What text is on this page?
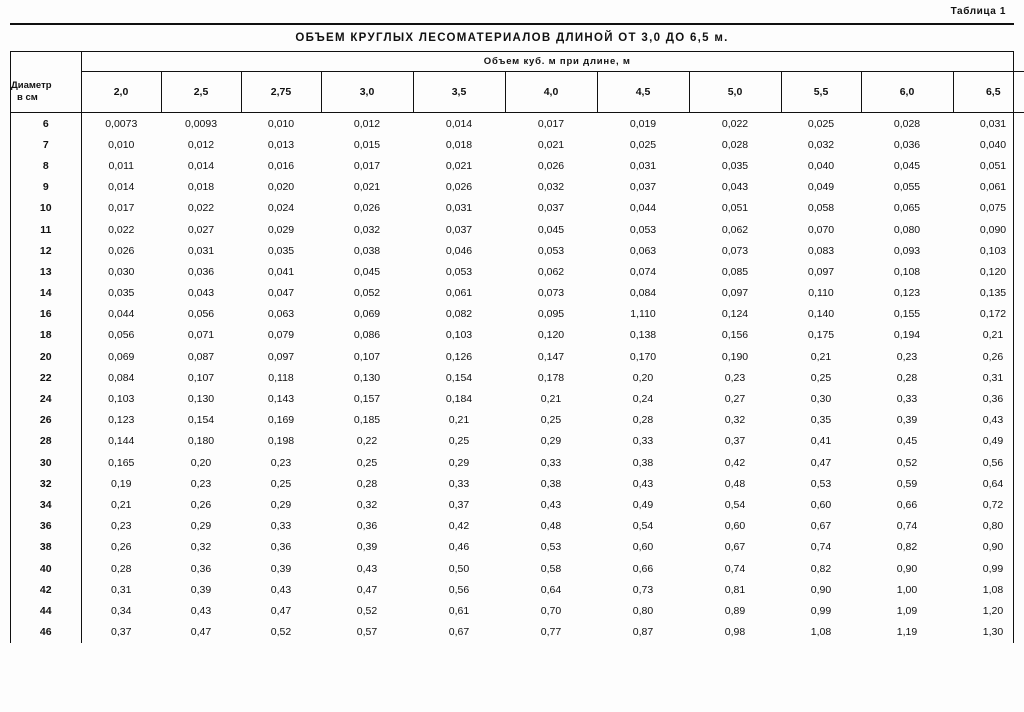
Таблица 1
ОБЪЕМ КРУГЛЫХ ЛЕСОМАТЕРИАЛОВ ДЛИНОЙ ОТ 3,0 ДО 6,5 м.
	Объем куб. м при длине, м										

Диаметр
в см	2,0	2,5	2,75	3,0	3,5	4,0	4,5	5,0	5,5	6,0	6,5
6	0,0073	0,0093	0,010	0,012	0,014	0,017	0,019	0,022	0,025	0,028	0,031
7	0,010	0,012	0,013	0,015	0,018	0,021	0,025	0,028	0,032	0,036	0,040
8	0,011	0,014	0,016	0,017	0,021	0,026	0,031	0,035	0,040	0,045	0,051
9	0,014	0,018	0,020	0,021	0,026	0,032	0,037	0,043	0,049	0,055	0,061
10	0,017	0,022	0,024	0,026	0,031	0,037	0,044	0,051	0,058	0,065	0,075
11	0,022	0,027	0,029	0,032	0,037	0,045	0,053	0,062	0,070	0,080	0,090
12	0,026	0,031	0,035	0,038	0,046	0,053	0,063	0,073	0,083	0,093	0,103
13	0,030	0,036	0,041	0,045	0,053	0,062	0,074	0,085	0,097	0,108	0,120
14	0,035	0,043	0,047	0,052	0,061	0,073	0,084	0,097	0,110	0,123	0,135
16	0,044	0,056	0,063	0,069	0,082	0,095	1,110	0,124	0,140	0,155	0,172
18	0,056	0,071	0,079	0,086	0,103	0,120	0,138	0,156	0,175	0,194	0,21
20	0,069	0,087	0,097	0,107	0,126	0,147	0,170	0,190	0,21	0,23	0,26
22	0,084	0,107	0,118	0,130	0,154	0,178	0,20	0,23	0,25	0,28	0,31
24	0,103	0,130	0,143	0,157	0,184	0,21	0,24	0,27	0,30	0,33	0,36
26	0,123	0,154	0,169	0,185	0,21	0,25	0,28	0,32	0,35	0,39	0,43
28	0,144	0,180	0,198	0,22	0,25	0,29	0,33	0,37	0,41	0,45	0,49
30	0,165	0,20	0,23	0,25	0,29	0,33	0,38	0,42	0,47	0,52	0,56
32	0,19	0,23	0,25	0,28	0,33	0,38	0,43	0,48	0,53	0,59	0,64
34	0,21	0,26	0,29	0,32	0,37	0,43	0,49	0,54	0,60	0,66	0,72
36	0,23	0,29	0,33	0,36	0,42	0,48	0,54	0,60	0,67	0,74	0,80
38	0,26	0,32	0,36	0,39	0,46	0,53	0,60	0,67	0,74	0,82	0,90
40	0,28	0,36	0,39	0,43	0,50	0,58	0,66	0,74	0,82	0,90	0,99
42	0,31	0,39	0,43	0,47	0,56	0,64	0,73	0,81	0,90	1,00	1,08
44	0,34	0,43	0,47	0,52	0,61	0,70	0,80	0,89	0,99	1,09	1,20
46	0,37	0,47	0,52	0,57	0,67	0,77	0,87	0,98	1,08	1,19	1,30
